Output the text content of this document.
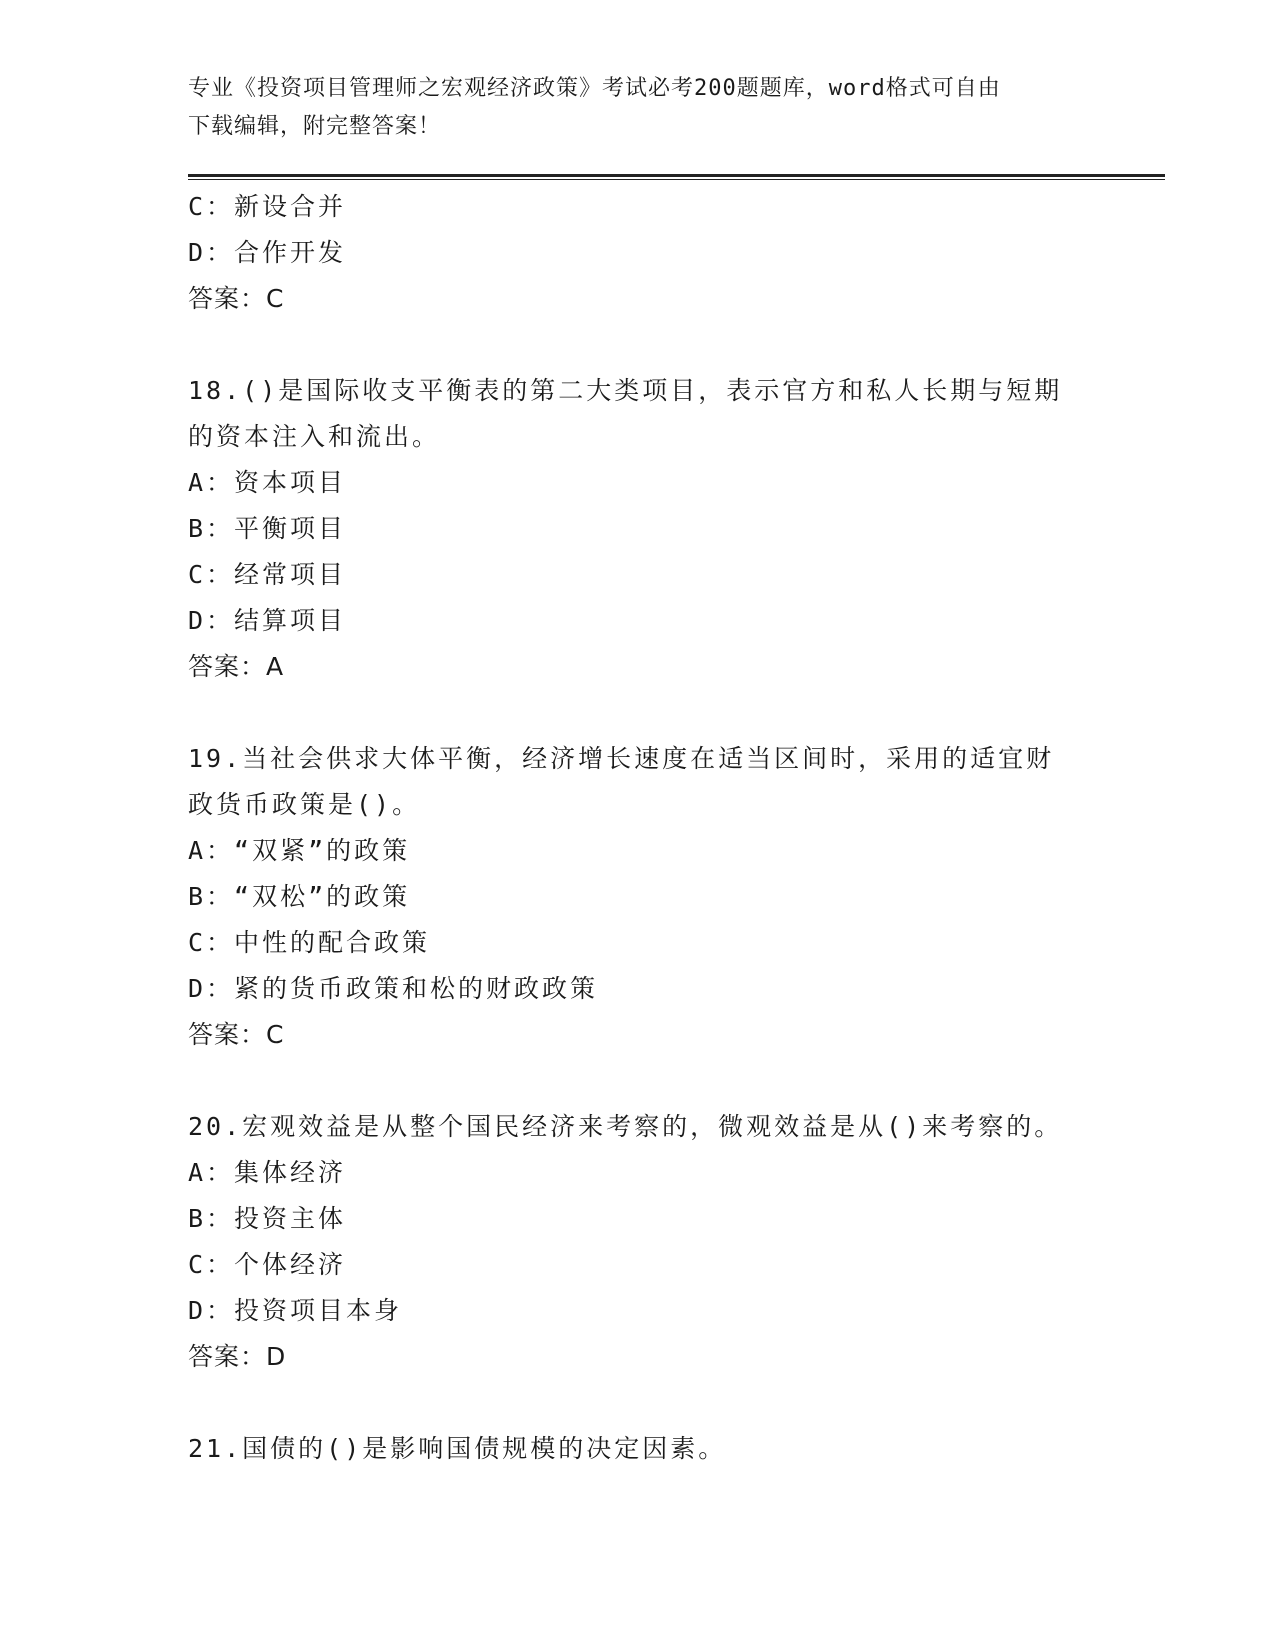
专业《投资项目管理师之宏观经济政策》考试必考200题题库，word格式可自由
下载编辑，附完整答案！
C：新设合并
D：合作开发
答案：C
18.()是国际收支平衡表的第二大类项目，表示官方和私人长期与短期
的资本注入和流出。
A：资本项目
B：平衡项目
C：经常项目
D：结算项目
答案：A
19.当社会供求大体平衡，经济增长速度在适当区间时，采用的适宜财
政货币政策是()。
A：“双紧”的政策
B：“双松”的政策
C：中性的配合政策
D：紧的货币政策和松的财政政策
答案：C
20.宏观效益是从整个国民经济来考察的，微观效益是从()来考察的。
A：集体经济
B：投资主体
C：个体经济
D：投资项目本身
答案：D
21.国债的()是影响国债规模的决定因素。
